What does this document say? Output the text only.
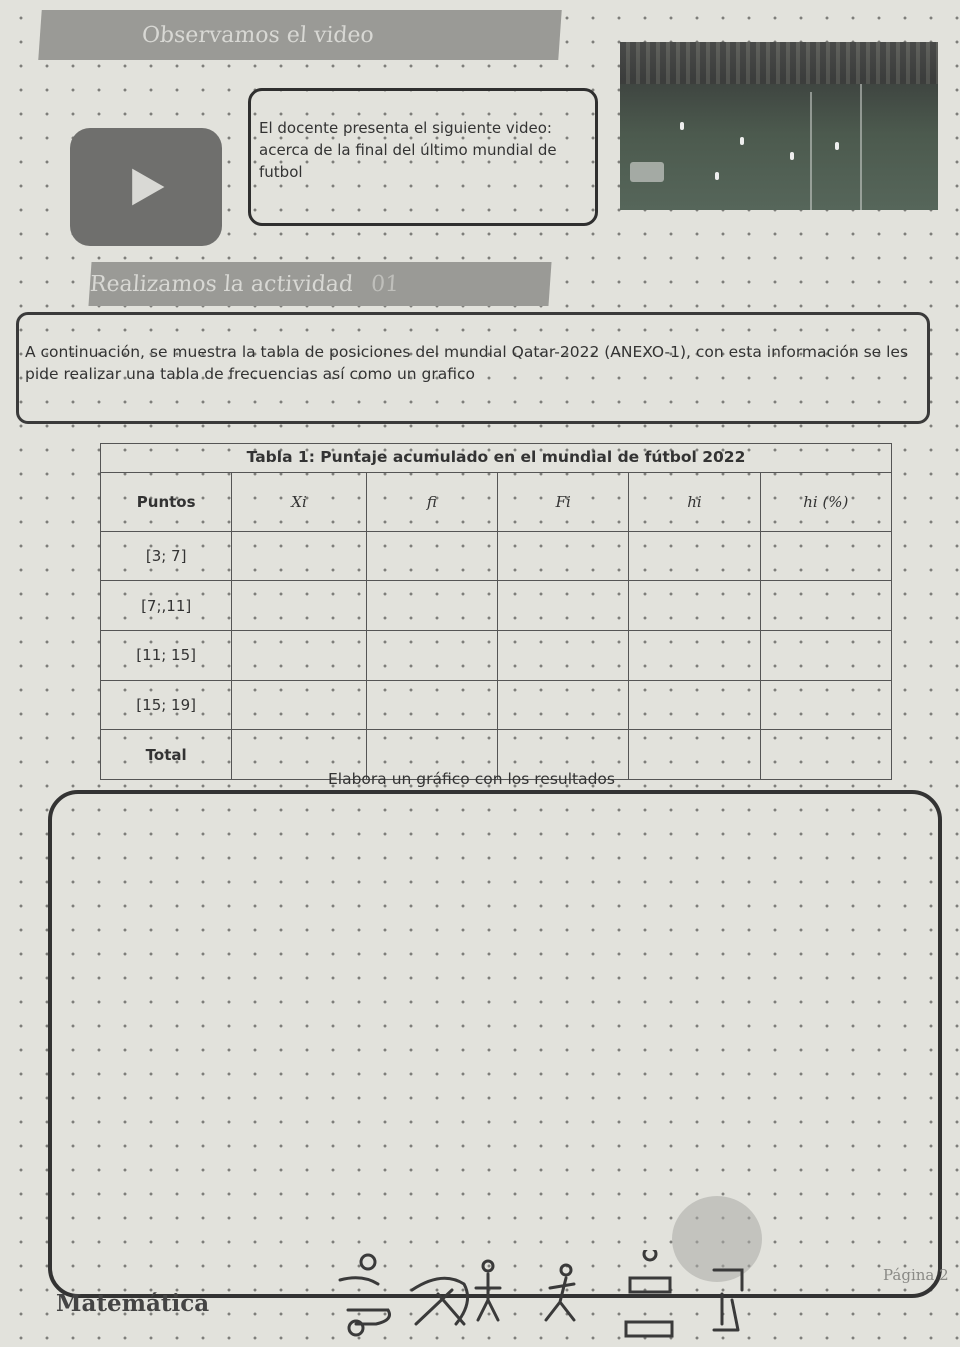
Observamos el video
El docente presenta el siguiente video: acerca de la final del último mundial de futbol
Realizamos la actividad 01
A continuación, se muestra la tabla de posiciones del mundial Qatar-2022 (ANEXO-1), con esta información se les pide realizar una tabla de frecuencias así como un grafico
Tabla 1: Puntaje acumulado en el mundial de fútbol 2022
Puntos	Xi	fi	Fi	hi	hi (%)
[3; 7]					
[7;,11]					
[11; 15]					
[15; 19]					
Total					
Elabora un gráfico con los resultados
Página 2
Matemática
